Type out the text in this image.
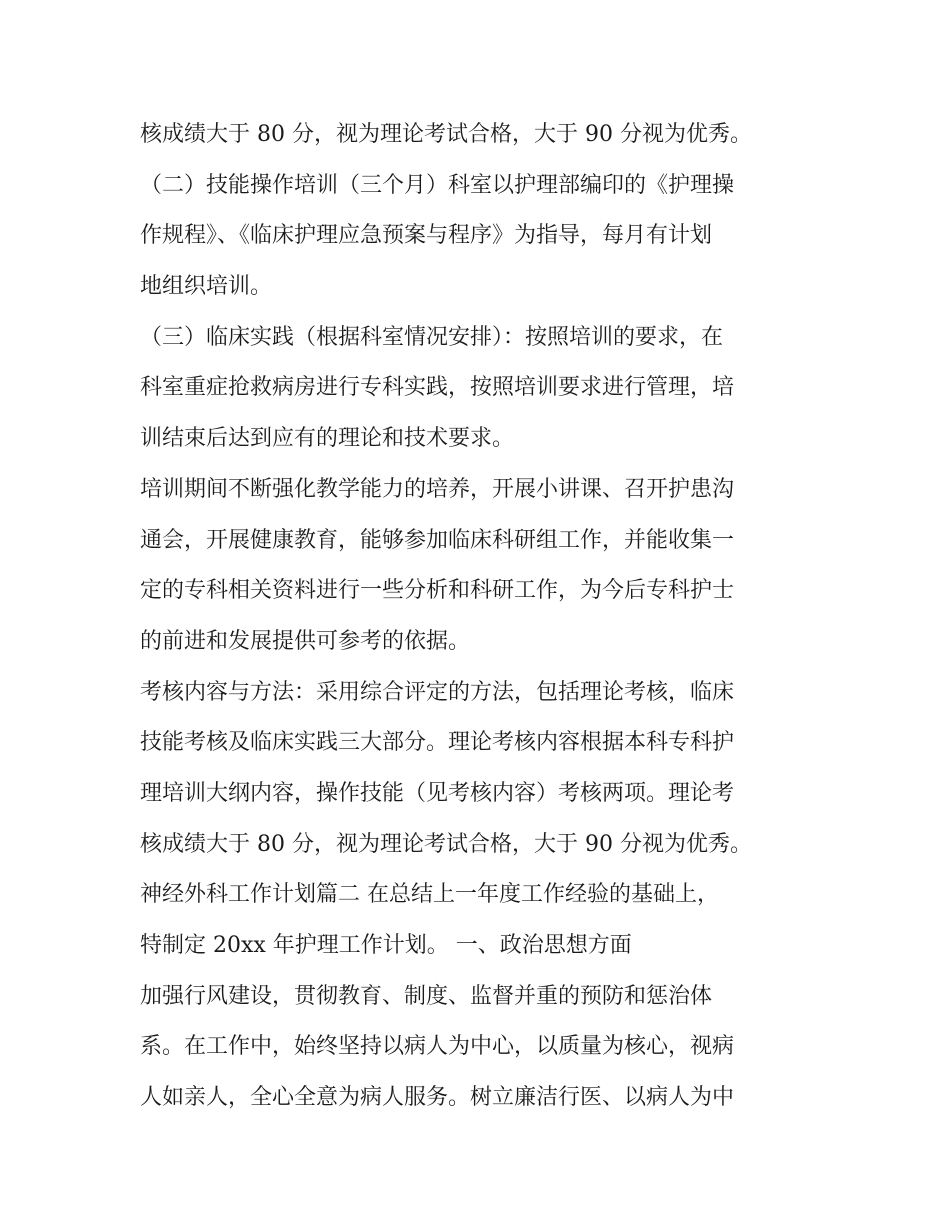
核成绩大于 80 分，视为理论考试合格，大于 90 分视为优秀。
（二）技能操作培训（三个月）科室以护理部编印的《护理操
作规程》、《临床护理应急预案与程序》为指导，每月有计划
地组织培训。
（三）临床实践（根据科室情况安排）：按照培训的要求，在
科室重症抢救病房进行专科实践，按照培训要求进行管理，培
训结束后达到应有的理论和技术要求。
培训期间不断强化教学能力的培养，开展小讲课、召开护患沟
通会，开展健康教育，能够参加临床科研组工作，并能收集一
定的专科相关资料进行一些分析和科研工作，为今后专科护士
的前进和发展提供可参考的依据。
考核内容与方法：采用综合评定的方法，包括理论考核，临床
技能考核及临床实践三大部分。理论考核内容根据本科专科护
理培训大纲内容，操作技能（见考核内容）考核两项。理论考
核成绩大于 80 分，视为理论考试合格，大于 90 分视为优秀。
神经外科工作计划篇二 在总结上一年度工作经验的基础上，
特制定 20xx 年护理工作计划。 一、政治思想方面
加强行风建设，贯彻教育、制度、监督并重的预防和惩治体
系。在工作中，始终坚持以病人为中心，以质量为核心，视病
人如亲人，全心全意为病人服务。树立廉洁行医、以病人为中
